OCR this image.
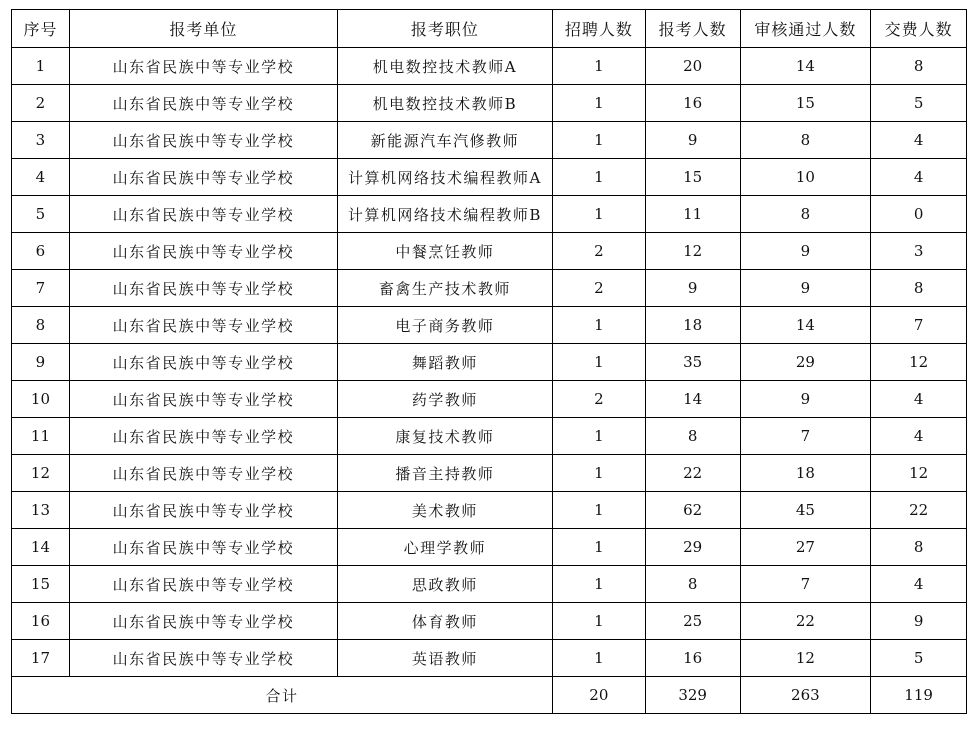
序号	报考单位	报考职位	招聘人数	报考人数	审核通过人数	交费人数
1	山东省民族中等专业学校	机电数控技术教师A	1	20	14	8
2	山东省民族中等专业学校	机电数控技术教师B	1	16	15	5
3	山东省民族中等专业学校	新能源汽车汽修教师	1	9	8	4
4	山东省民族中等专业学校	计算机网络技术编程教师A	1	15	10	4
5	山东省民族中等专业学校	计算机网络技术编程教师B	1	11	8	0
6	山东省民族中等专业学校	中餐烹饪教师	2	12	9	3
7	山东省民族中等专业学校	畜禽生产技术教师	2	9	9	8
8	山东省民族中等专业学校	电子商务教师	1	18	14	7
9	山东省民族中等专业学校	舞蹈教师	1	35	29	12
10	山东省民族中等专业学校	药学教师	2	14	9	4
11	山东省民族中等专业学校	康复技术教师	1	8	7	4
12	山东省民族中等专业学校	播音主持教师	1	22	18	12
13	山东省民族中等专业学校	美术教师	1	62	45	22
14	山东省民族中等专业学校	心理学教师	1	29	27	8
15	山东省民族中等专业学校	思政教师	1	8	7	4
16	山东省民族中等专业学校	体育教师	1	25	22	9
17	山东省民族中等专业学校	英语教师	1	16	12	5
合计			20	329	263	119
